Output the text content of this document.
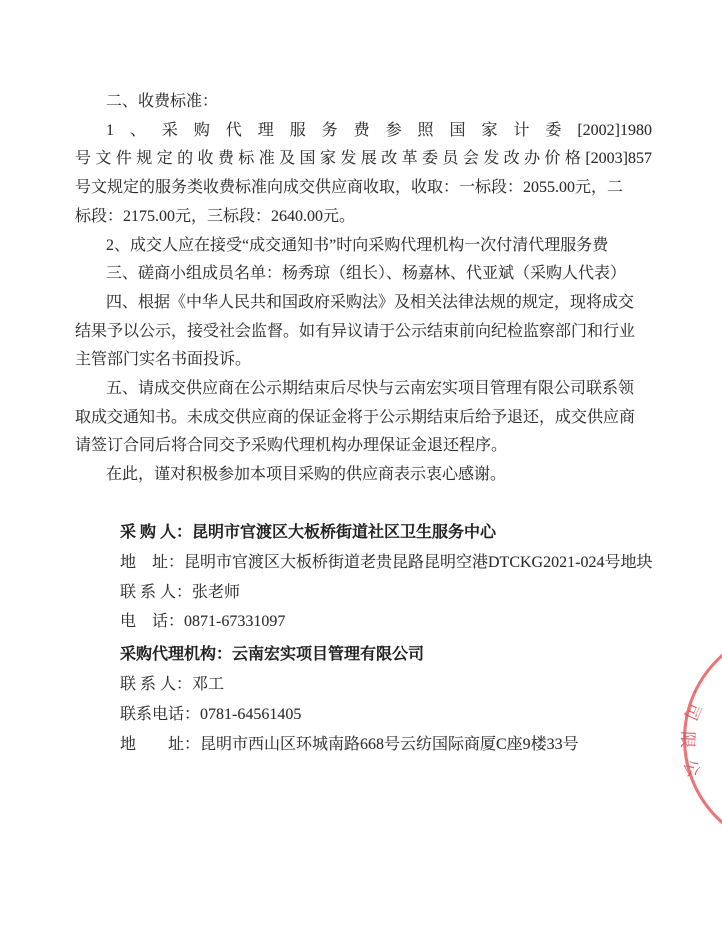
二、收费标准：
1、采购代理服务费参照国家计委[2002]1980
号文件规定的收费标准及国家发展改革委员会发改办价格[2003]857
号文规定的服务类收费标准向成交供应商收取，收取：一标段：2055.00元，二
标段：2175.00元，三标段：2640.00元。
2、成交人应在接受“成交通知书”时向采购代理机构一次付清代理服务费
三、磋商小组成员名单：杨秀琼（组长）、杨嘉林、代亚斌（采购人代表）
四、根据《中华人民共和国政府采购法》及相关法律法规的规定，现将成交
结果予以公示，接受社会监督。如有异议请于公示结束前向纪检监察部门和行业
主管部门实名书面投诉。
五、请成交供应商在公示期结束后尽快与云南宏实项目管理有限公司联系领
取成交通知书。未成交供应商的保证金将于公示期结束后给予退还，成交供应商
请签订合同后将合同交予采购代理机构办理保证金退还程序。
在此，谨对积极参加本项目采购的供应商表示衷心感谢。
采 购 人：昆明市官渡区大板桥街道社区卫生服务中心
地　址：昆明市官渡区大板桥街道老贵昆路昆明空港DTCKG2021-024号地块
联 系 人：张老师
电　话：0871-67331097
采购代理机构：云南宏实项目管理有限公司
联 系 人：邓工
联系电话：0781-64561405
地　　址：昆明市西山区环城南路668号云纺国际商厦C座9楼33号
·
司
限
公
